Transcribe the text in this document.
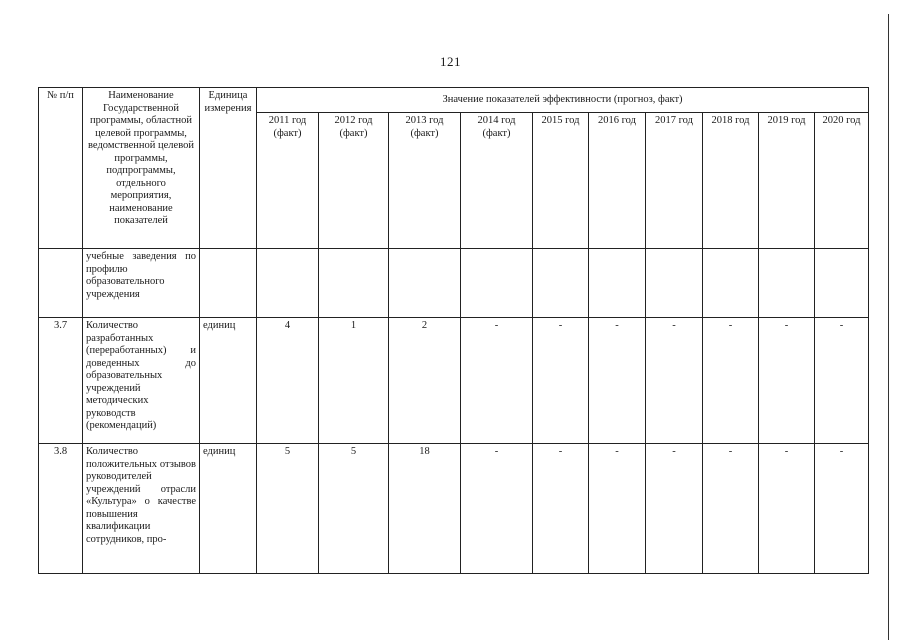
121
№ п/п	Наименование Государственной программы, областной целевой программы, ведомственной целевой программы, подпрограммы, отдельного мероприятия, наименование показателей	Единица измерения	Значение показателей эффективности (прогноз, факт)									
			2011 год (факт)	2012 год (факт)	2013 год (факт)	2014 год (факт)	2015 год	2016 год	2017 год	2018 год	2019 год	2020 год
	учебные заведения по профилю образовательного учреждения											
3.7	Количество разработанных (переработанных) и доведенных до образовательных учреждений методических руководств (рекомендаций)	единиц	4	1	2	-	-	-	-	-	-	-
3.8	Количество положительных отзывов руководителей учреждений отрасли «Культура» о качестве повышения квалификации сотрудников, про-	единиц	5	5	18	-	-	-	-	-	-	-
